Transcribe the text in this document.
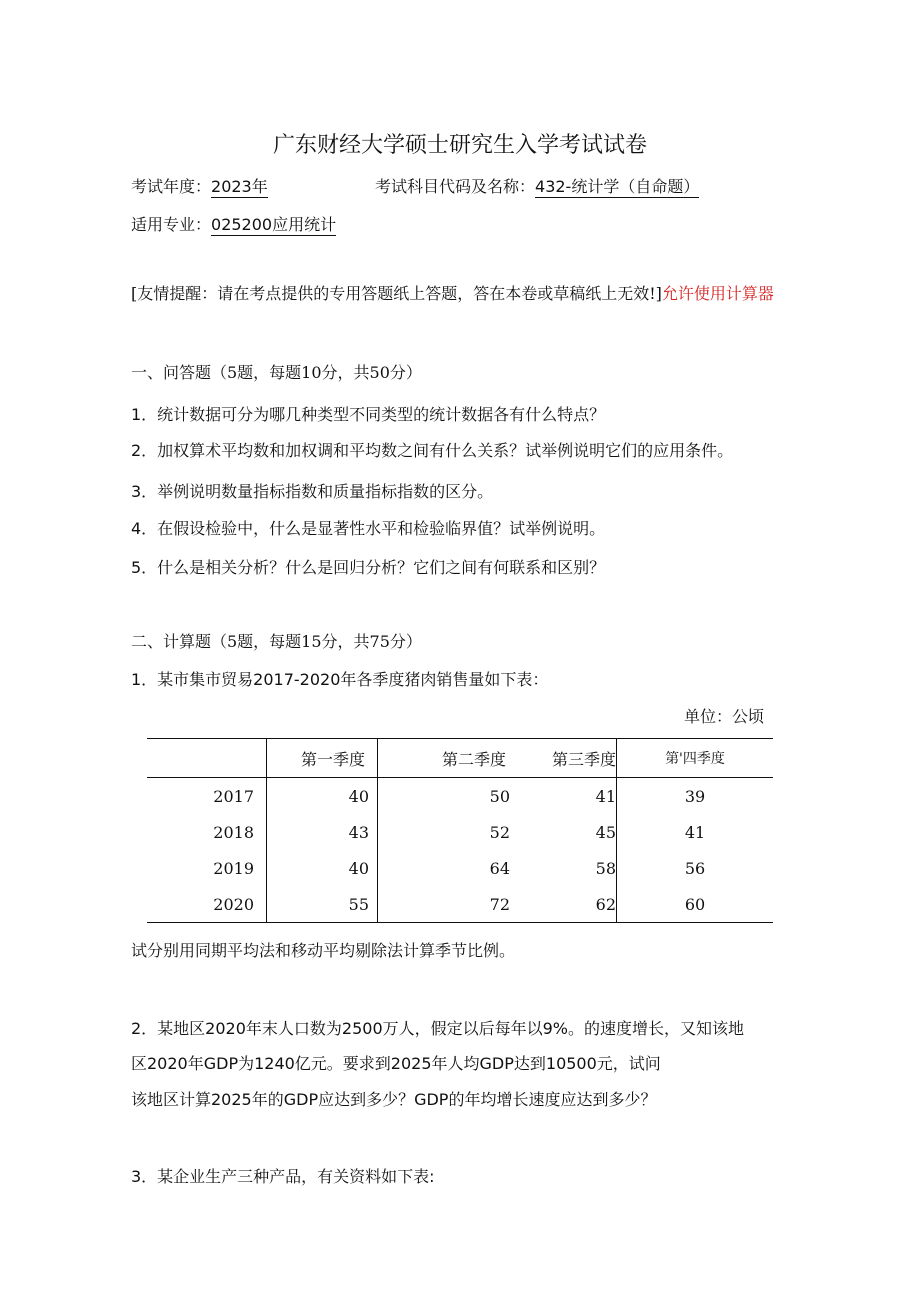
广东财经大学硕士研究生入学考试试卷
考试年度：2023年	考试科目代码及名称：432-统计学（自命题）
适用专业：025200应用统计
[友情提醒：请在考点提供的专用答题纸上答题，答在本卷或草稿纸上无效!]允许使用计算器
一、问答题（5题，每题10分，共50分）
1．统计数据可分为哪几种类型不同类型的统计数据各有什么特点？
2．加权算术平均数和加权调和平均数之间有什么关系？试举例说明它们的应用条件。
3．举例说明数量指标指数和质量指标指数的区分。
4．在假设检验中，什么是显著性水平和检验临界值？试举例说明。
5．什么是相关分析？什么是回归分析？它们之间有何联系和区别？
二、计算题（5题，每题15分，共75分）
1．某市集市贸易2017-2020年各季度猪肉销售量如下表：
单位：公顷
	第一季度	第二季度	第三季度	第'四季度
2017	40	50	41	39
2018	43	52	45	41
2019	40	64	58	56
2020	55	72	62	60
试分别用同期平均法和移动平均剔除法计算季节比例。
2．某地区2020年末人口数为2500万人，假定以后每年以9%。的速度增长，又知该地
区2020年GDP为1240亿元。要求到2025年人均GDP达到10500元，试问
该地区计算2025年的GDP应达到多少？GDP的年均增长速度应达到多少？
3．某企业生产三种产品，有关资料如下表:
